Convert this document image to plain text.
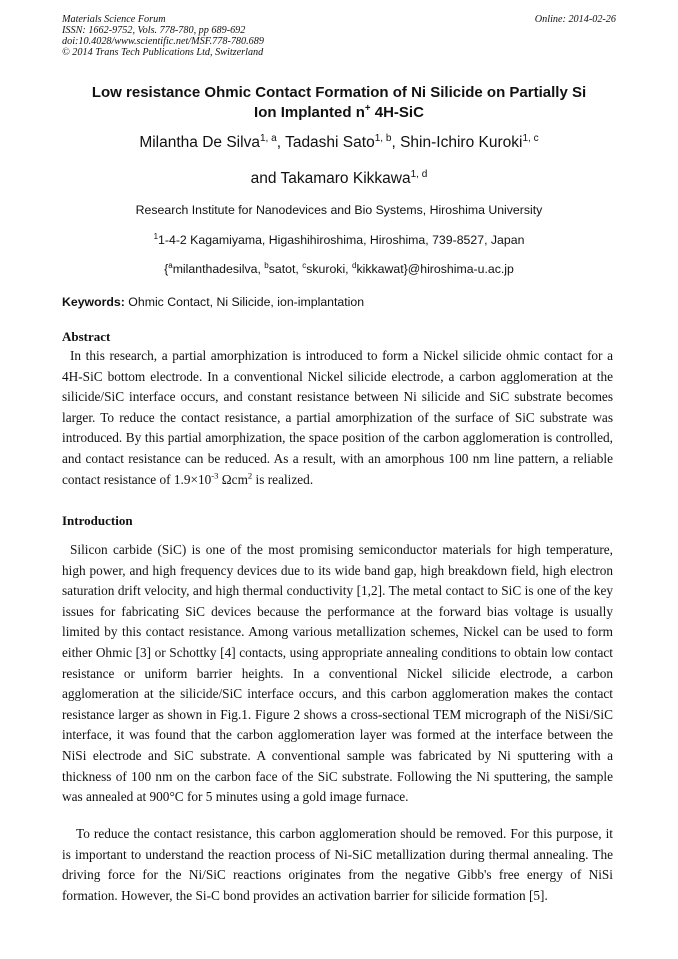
Materials Science Forum
ISSN: 1662-9752, Vols. 778-780, pp 689-692
doi:10.4028/www.scientific.net/MSF.778-780.689
© 2014 Trans Tech Publications Ltd, Switzerland
Online: 2014-02-26
Low resistance Ohmic Contact Formation of Ni Silicide on Partially Si
Ion Implanted n+ 4H-SiC
Milantha De Silva$^{1, a}$, Tadashi Sato$^{1, b}$, Shin-Ichiro Kuroki$^{1, c}$
and Takamaro Kikkawa$^{1, d}$
Research Institute for Nanodevices and Bio Systems, Hiroshima University
$^1$1-4-2 Kagamiyama, Higashihiroshima, Hiroshima, 739-8527, Japan
{$^a$milanthadesilva, $^b$satot, $^c$skuroki, $^d$kikkawat}@hiroshima-u.ac.jp
Keywords: Ohmic Contact, Ni Silicide, ion-implantation
Abstract
In this research, a partial amorphization is introduced to form a Nickel silicide ohmic contact for a 4H-SiC bottom electrode. In a conventional Nickel silicide electrode, a carbon agglomeration at the silicide/SiC interface occurs, and constant resistance between Ni silicide and SiC substrate becomes larger. To reduce the contact resistance, a partial amorphization of the surface of SiC substrate was introduced. By this partial amorphization, the space position of the carbon agglomeration is controlled, and contact resistance can be reduced. As a result, with an amorphous 100 nm line pattern, a reliable contact resistance of $1.9\times 10^{-3}$ Ωcm$^2$ is realized.
Introduction
Silicon carbide (SiC) is one of the most promising semiconductor materials for high temperature, high power, and high frequency devices due to its wide band gap, high breakdown field, high electron saturation drift velocity, and high thermal conductivity [1,2]. The metal contact to SiC is one of the key issues for fabricating SiC devices because the performance at the forward bias voltage is usually limited by this contact resistance. Among various metallization schemes, Nickel can be used to form either Ohmic [3] or Schottky [4] contacts, using appropriate annealing conditions to obtain low contact resistance or uniform barrier heights. In a conventional Nickel silicide electrode, a carbon agglomeration at the silicide/SiC interface occurs, and this carbon agglomeration makes the contact resistance larger as shown in Fig.1. Figure 2 shows a cross-sectional TEM micrograph of the NiSi/SiC interface, it was found that the carbon agglomeration layer was formed at the interface between the NiSi electrode and SiC substrate. A conventional sample was fabricated by Ni sputtering with a thickness of 100 nm on the carbon face of the SiC substrate. Following the Ni sputtering, the sample was annealed at 900°C for 5 minutes using a gold image furnace.
To reduce the contact resistance, this carbon agglomeration should be removed. For this purpose, it is important to understand the reaction process of Ni-SiC metallization during thermal annealing. The driving force for the Ni/SiC reactions originates from the negative Gibb's free energy of NiSi formation. However, the Si-C bond provides an activation barrier for silicide formation [5].
